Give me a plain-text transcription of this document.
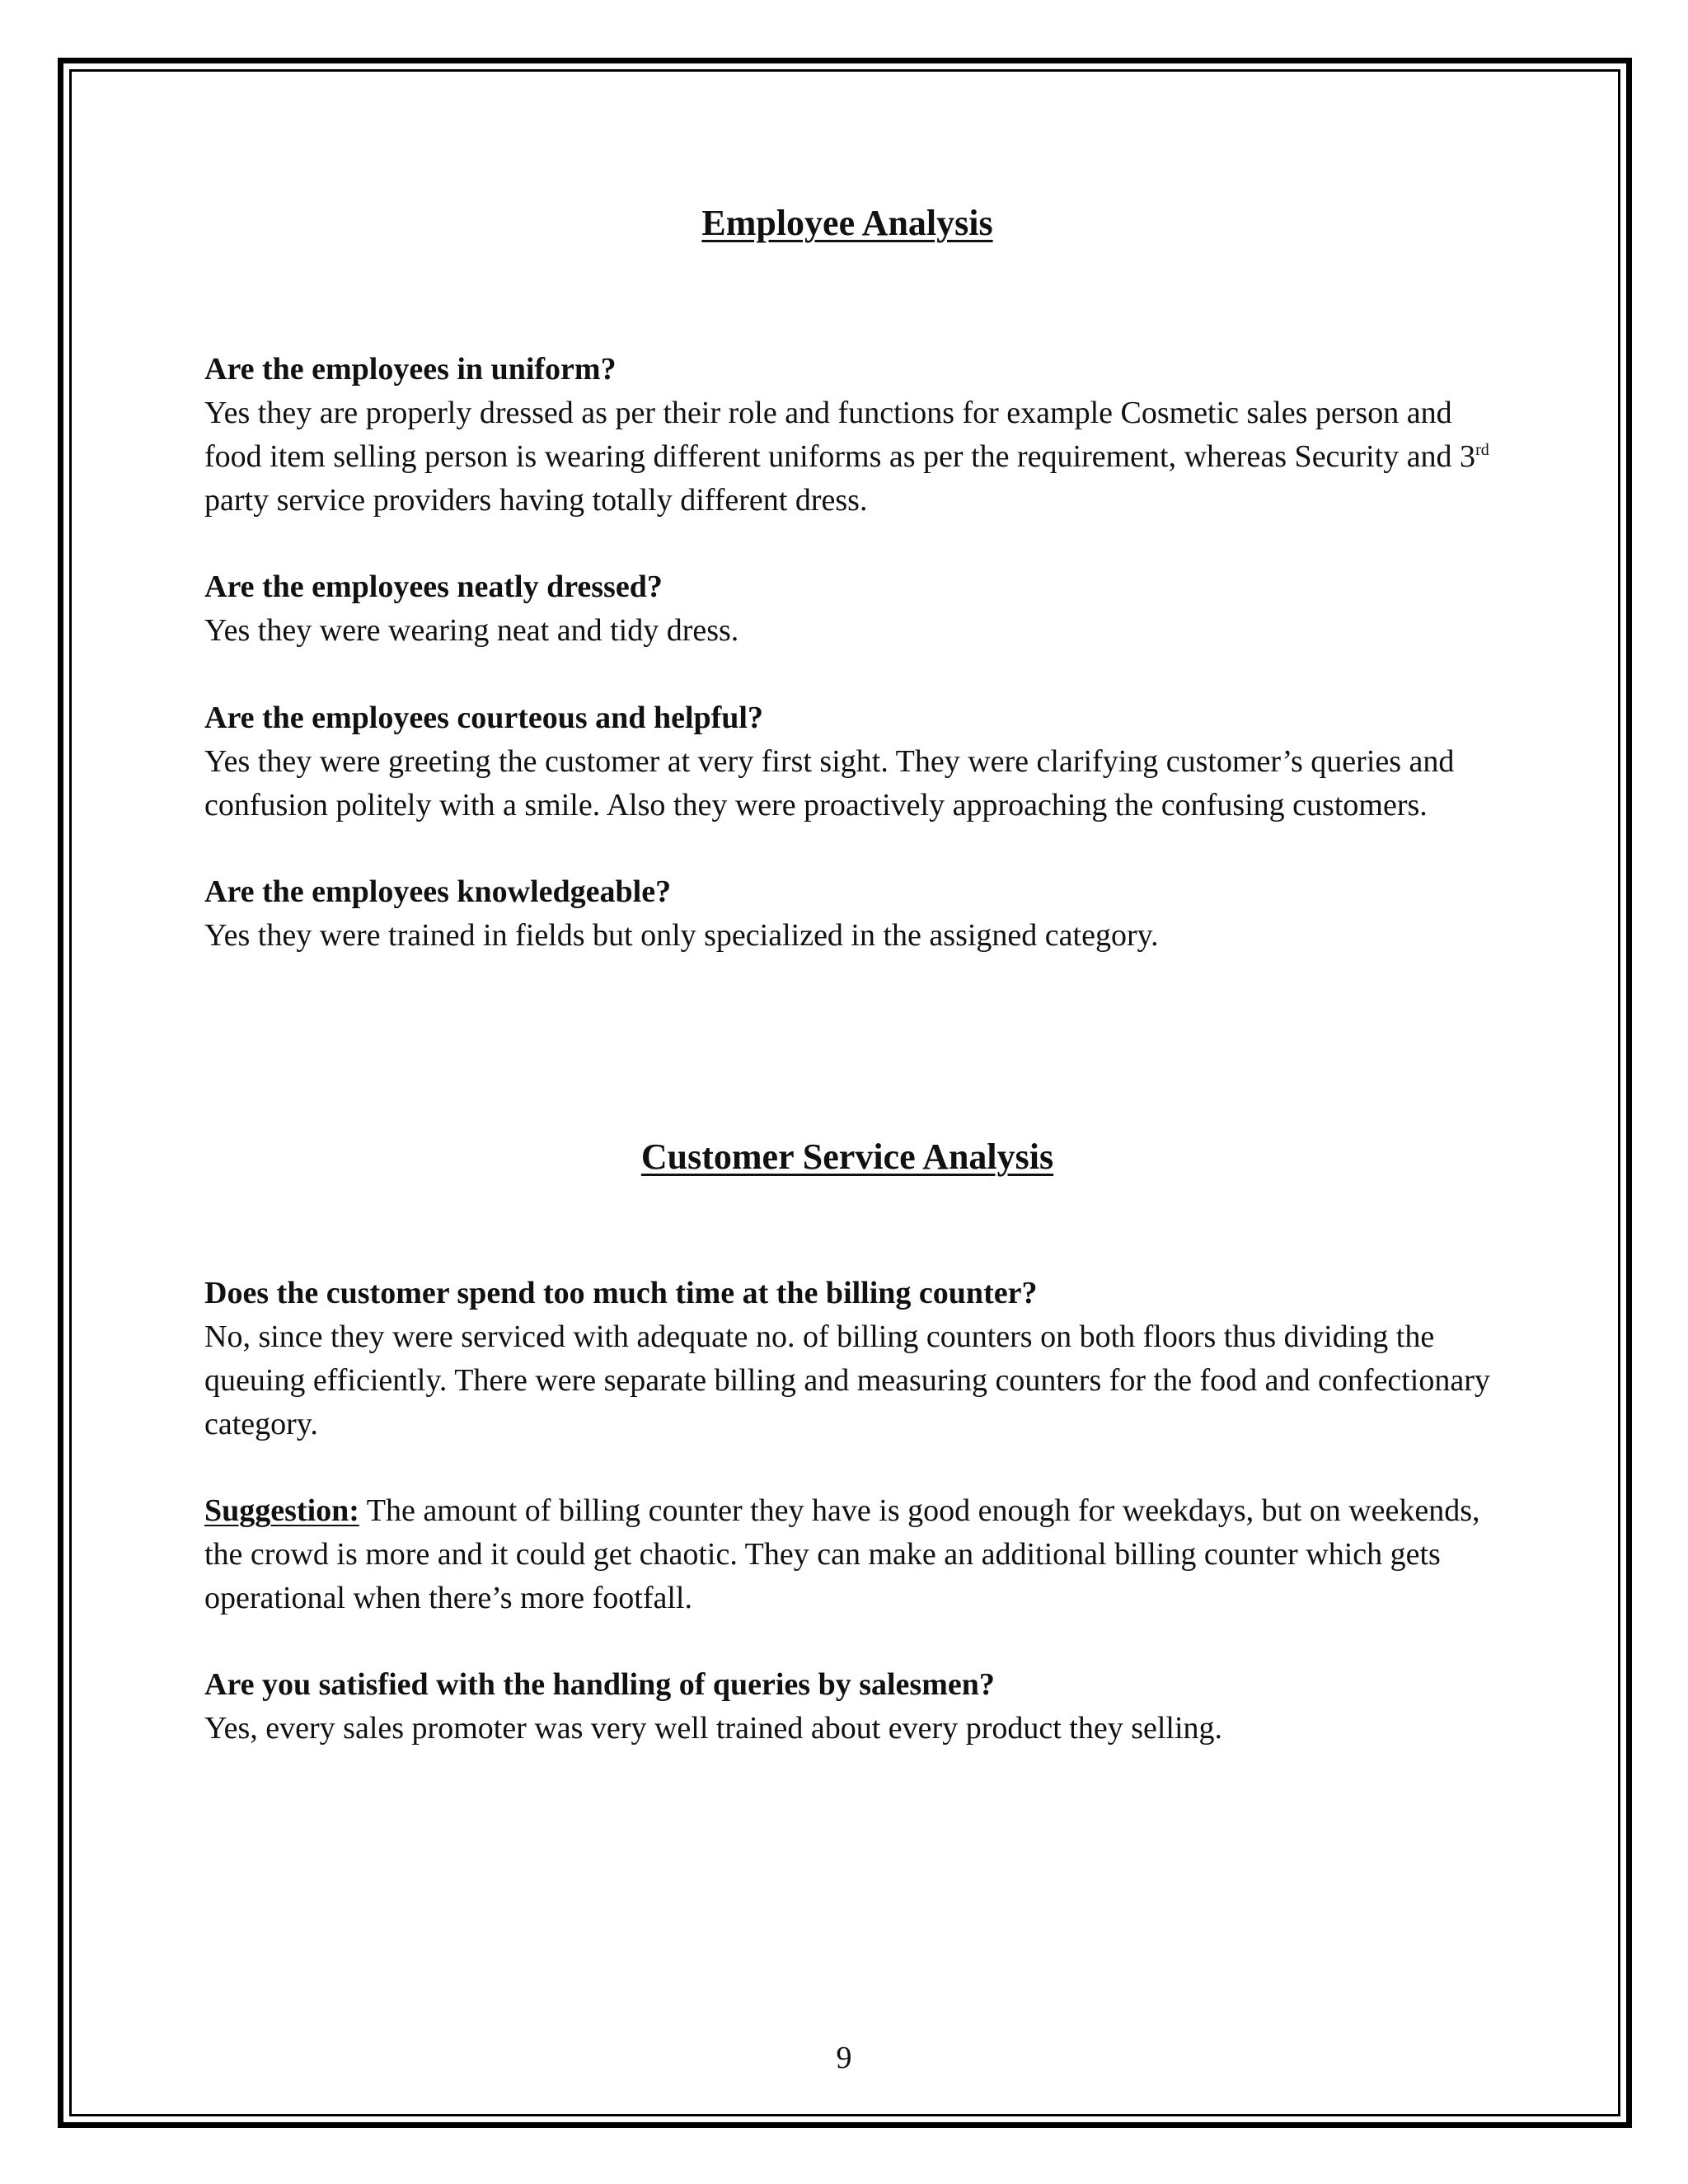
Employee Analysis
Are the employees in uniform?
Yes they are properly dressed as per their role and functions for example Cosmetic sales person and food item selling person is wearing different uniforms as per the requirement, whereas Security and 3rd party service providers having totally different dress.
Are the employees neatly dressed?
Yes they were wearing neat and tidy dress.
Are the employees courteous and helpful?
Yes they were greeting the customer at very first sight. They were clarifying customer’s queries and confusion politely with a smile. Also they were proactively approaching the confusing customers.
Are the employees knowledgeable?
Yes they were trained in fields but only specialized in the assigned category.
Customer Service Analysis
Does the customer spend too much time at the billing counter?
No, since they were serviced with adequate no. of billing counters on both floors thus dividing the queuing efficiently. There were separate billing and measuring counters for the food and confectionary category.
Suggestion: The amount of billing counter they have is good enough for weekdays, but on weekends, the crowd is more and it could get chaotic. They can make an additional billing counter which gets operational when there’s more footfall.
Are you satisfied with the handling of queries by salesmen?
Yes, every sales promoter was very well trained about every product they selling.
9
